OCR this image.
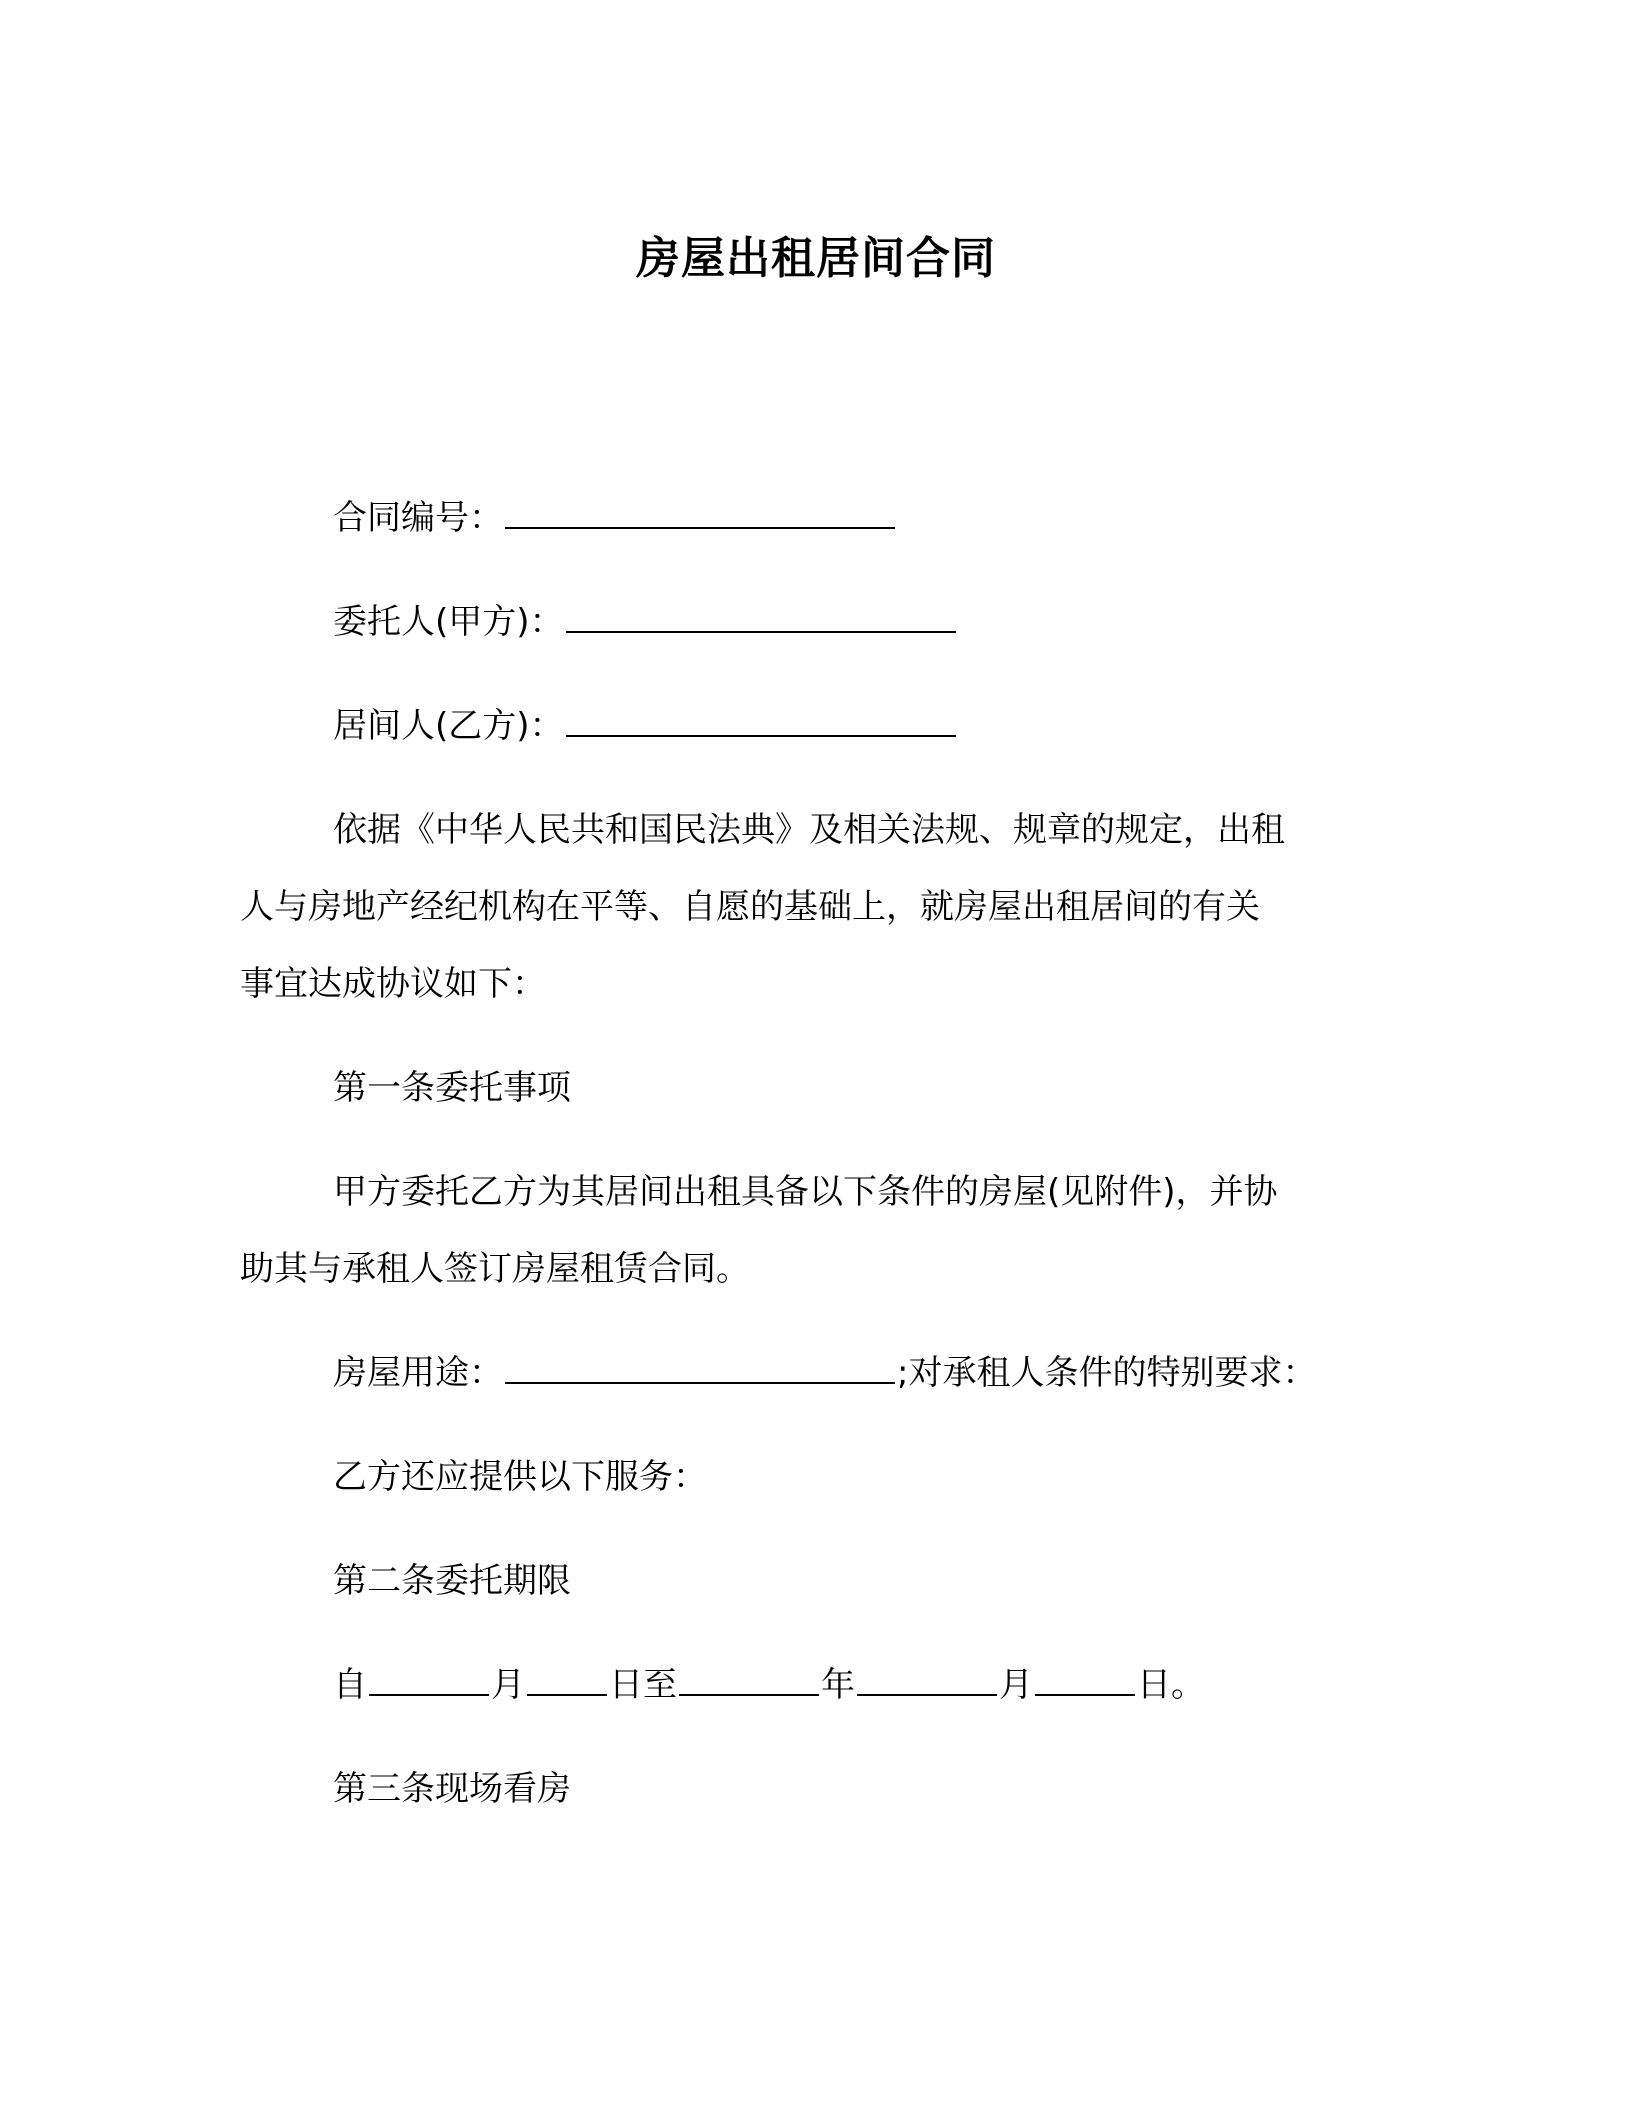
房屋出租居间合同
合同编号：
委托人(甲方)：
居间人(乙方)：
依据《中华人民共和国民法典》及相关法规、规章的规定，出租
人与房地产经纪机构在平等、自愿的基础上，就房屋出租居间的有关
事宜达成协议如下：
第一条委托事项
甲方委托乙方为其居间出租具备以下条件的房屋(见附件)，并协
助其与承租人签订房屋租赁合同。
房屋用途：	;对承租人条件的特别要求：
乙方还应提供以下服务：
第二条委托期限
自	月 日至	年	月	日。
第三条现场看房
